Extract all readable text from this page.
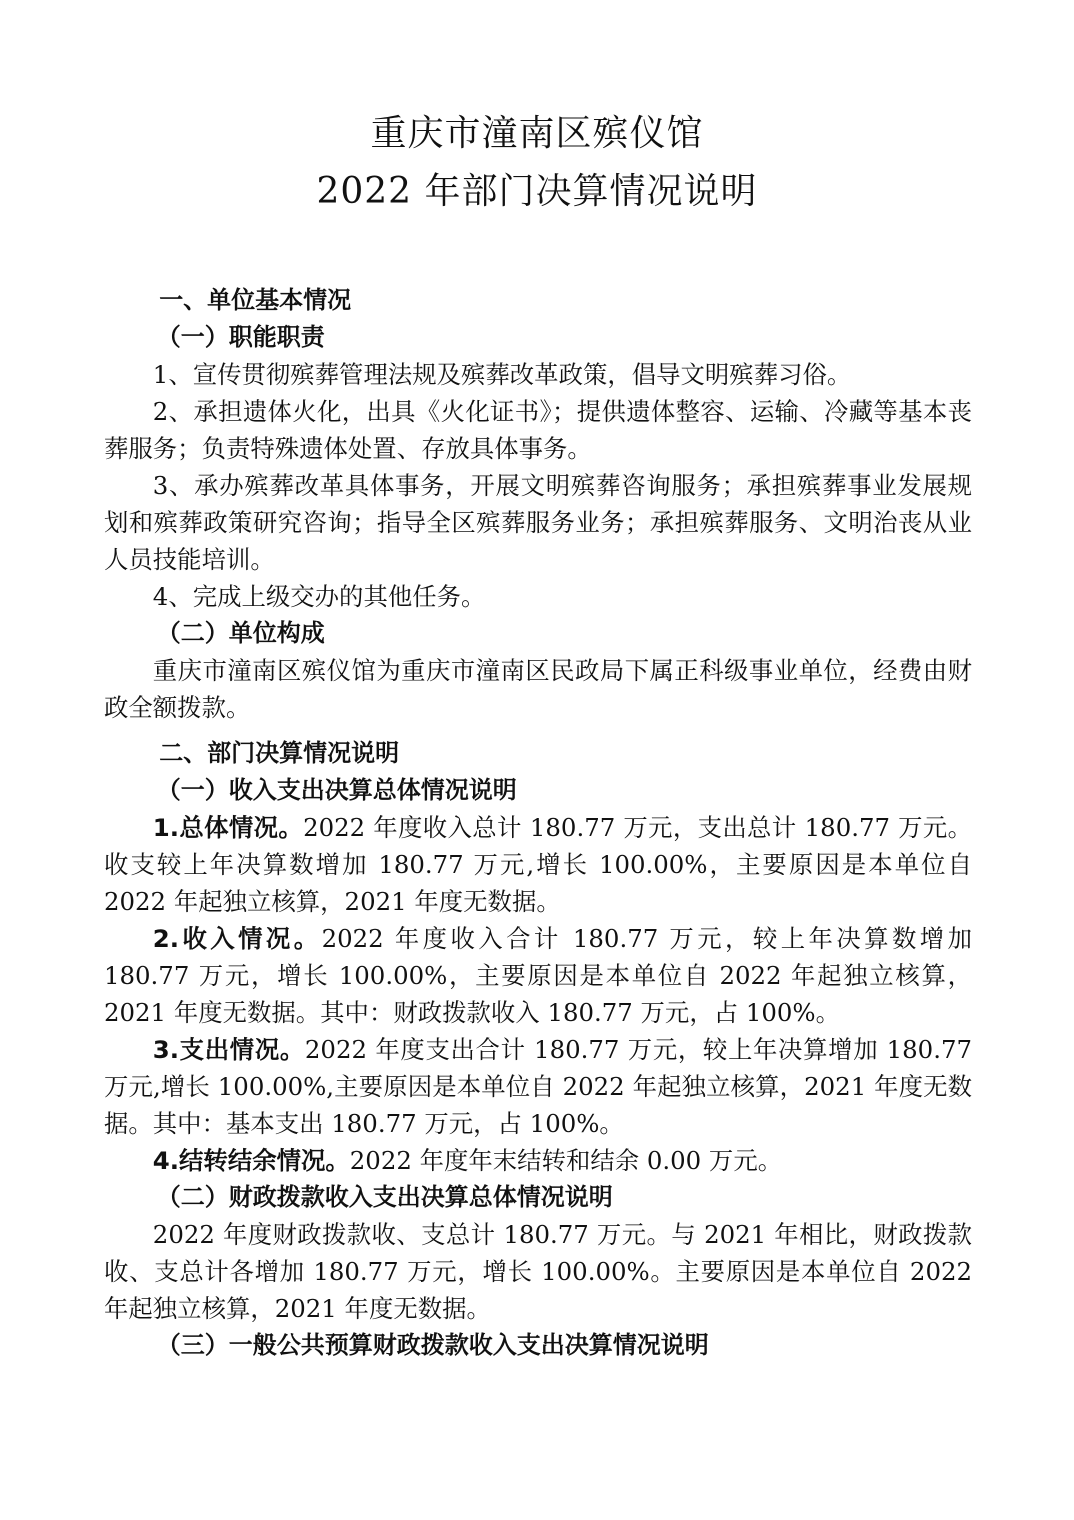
重庆市潼南区殡仪馆
2022 年部门决算情况说明

一、单位基本情况

（一）职能职责

1、宣传贯彻殡葬管理法规及殡葬改革政策，倡导文明殡葬习俗。

2、承担遗体火化，出具《火化证书》；提供遗体整容、运输、冷藏等基本丧葬服务；负责特殊遗体处置、存放具体事务。

3、承办殡葬改革具体事务，开展文明殡葬咨询服务；承担殡葬事业发展规划和殡葬政策研究咨询；指导全区殡葬服务业务；承担殡葬服务、文明治丧从业人员技能培训。

4、完成上级交办的其他任务。

（二）单位构成

重庆市潼南区殡仪馆为重庆市潼南区民政局下属正科级事业单位，经费由财政全额拨款。

二、部门决算情况说明

（一）收入支出决算总体情况说明

1.总体情况。2022 年度收入总计 180.77 万元，支出总计 180.77 万元。收支较上年决算数增加 180.77 万元,增长 100.00%，主要原因是本单位自 2022 年起独立核算，2021 年度无数据。

2.收入情况。2022 年度收入合计 180.77 万元，较上年决算数增加 180.77 万元，增长 100.00%，主要原因是本单位自 2022 年起独立核算，2021 年度无数据。其中：财政拨款收入 180.77 万元，占 100%。

3.支出情况。2022 年度支出合计 180.77 万元，较上年决算增加 180.77 万元,增长 100.00%,主要原因是本单位自 2022 年起独立核算，2021 年度无数据。其中：基本支出 180.77 万元，占 100%。

4.结转结余情况。2022 年度年末结转和结余 0.00 万元。

（二）财政拨款收入支出决算总体情况说明

2022 年度财政拨款收、支总计 180.77 万元。与 2021 年相比，财政拨款收、支总计各增加 180.77 万元，增长 100.00%。主要原因是本单位自 2022 年起独立核算，2021 年度无数据。

（三）一般公共预算财政拨款收入支出决算情况说明
